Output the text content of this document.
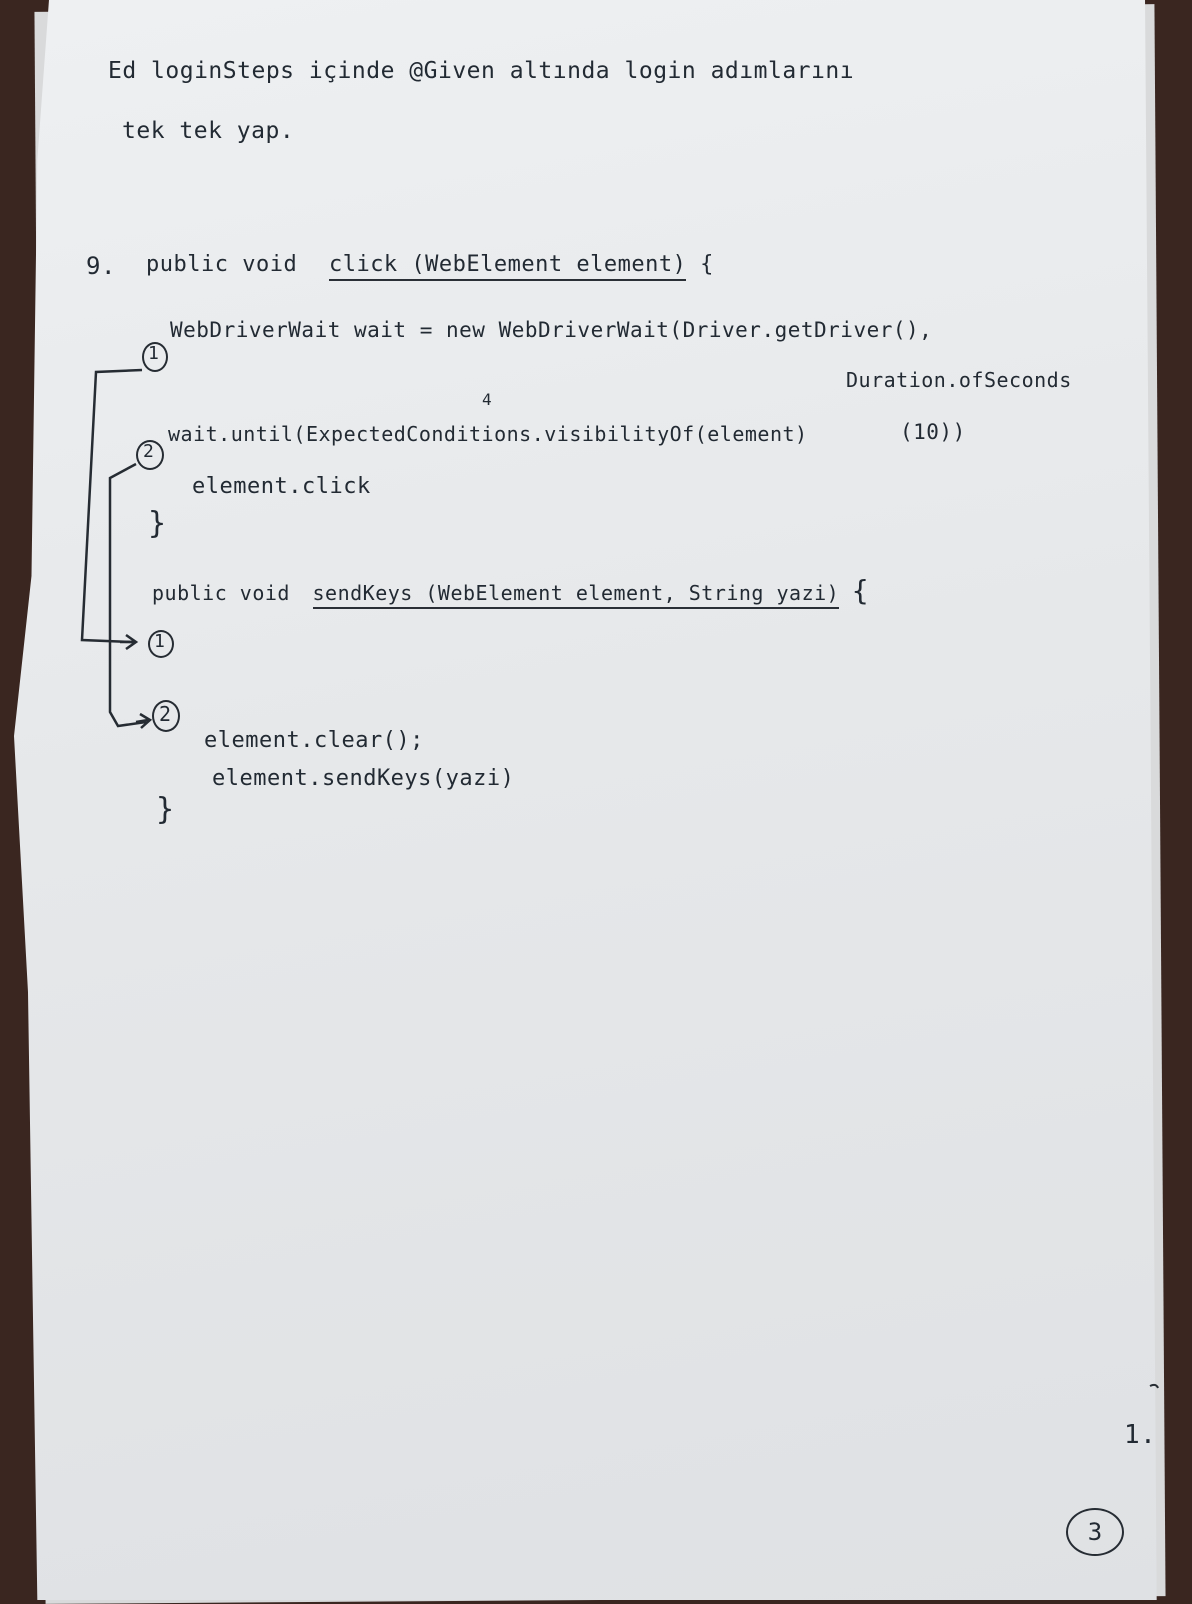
Ed loginSteps içinde @Given altında login adımlarını
tek tek yap.
9. public void click (WebElement element) {
1
WebDriverWait wait = new WebDriverWait(Driver.getDriver(),
Duration.ofSeconds
4
2
wait.until(ExpectedConditions.visibilityOf(element)	(10))
element.click
}
public void sendKeys (WebElement element, String yazi) {
1
2
element.clear();
element.sendKeys(yazi)
}
1.
3
